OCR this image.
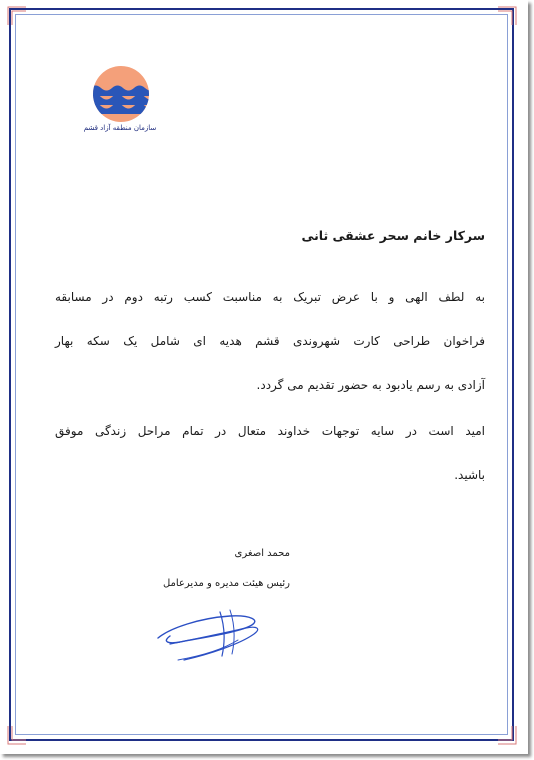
سازمان منطقه آزاد قشم
سرکار خانم سحر عشقی ثانی
به لطف الهی و با عرض تبریک به مناسبت کسب رتبه دوم در مسابقه
فراخوان طراحی کارت شهروندی قشم هدیه ای شامل یک سکه بهار
آزادی به رسم یادبود به حضور تقدیم می گردد.
امید است در سایه توجهات خداوند متعال در تمام مراحل زندگی موفق
باشید.
محمد اصغری
رئیس هیئت مدیره و مدیرعامل
